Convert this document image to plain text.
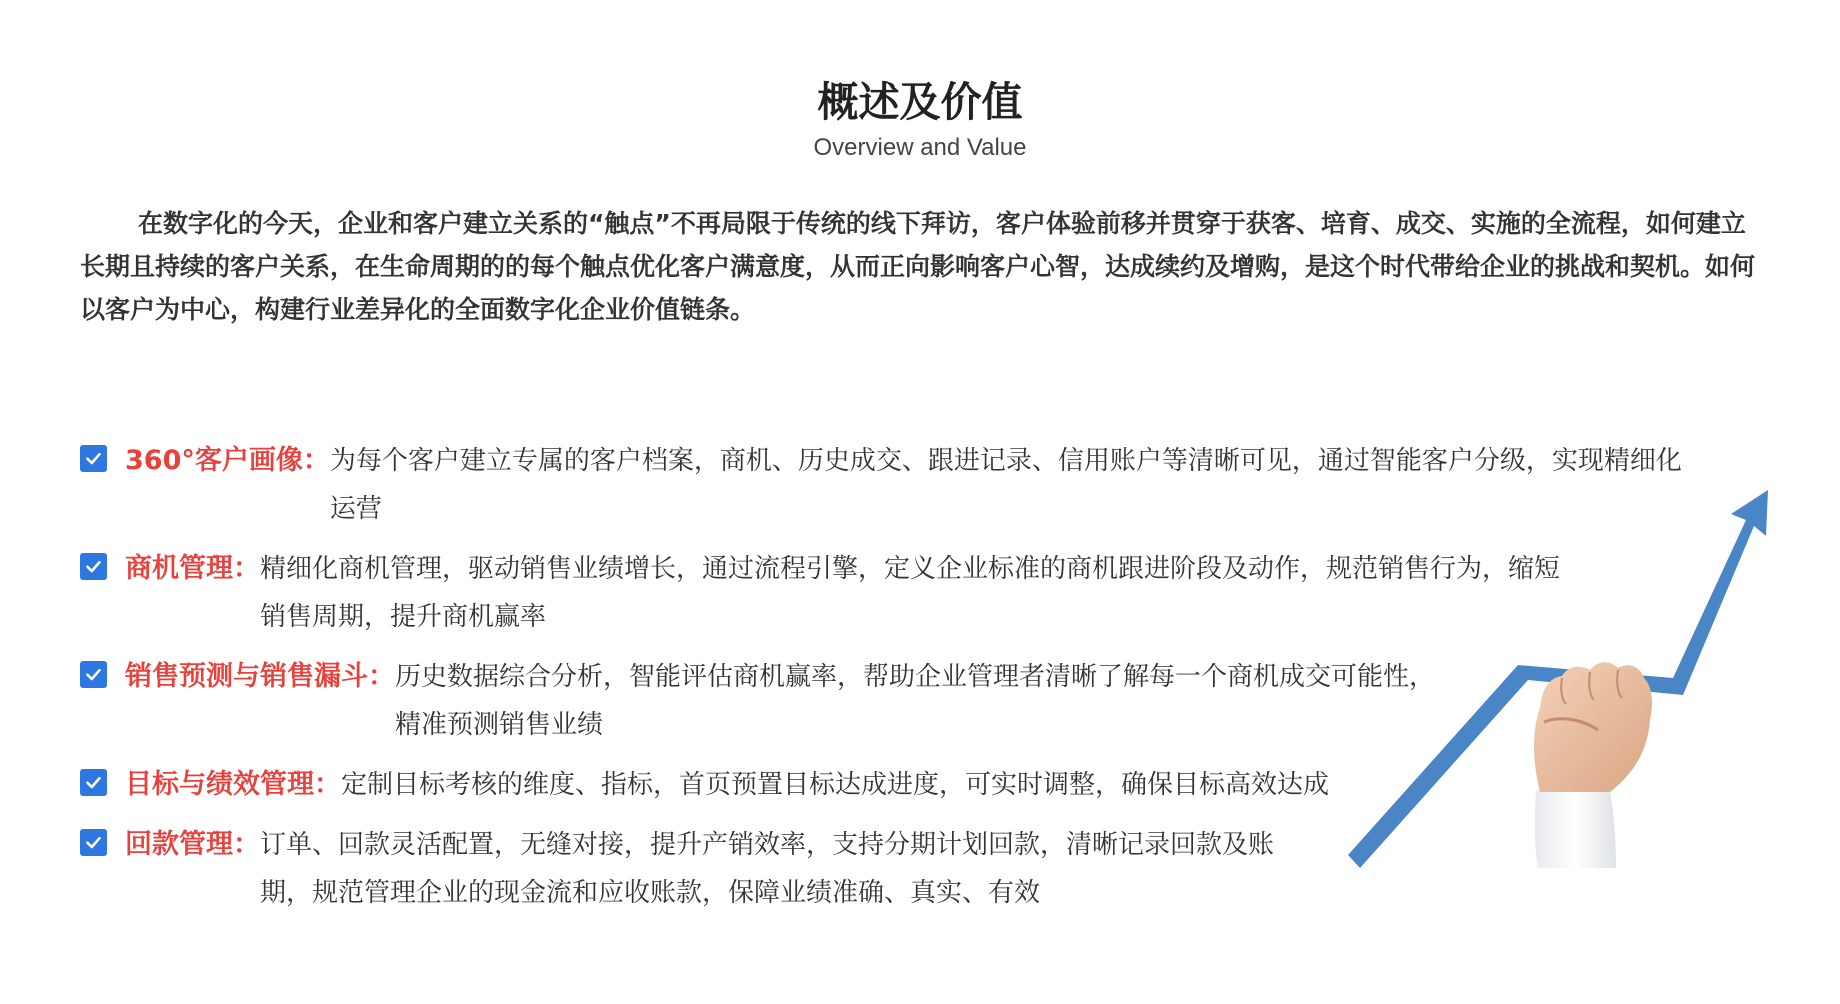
概述及价值
Overview and Value
在数字化的今天，企业和客户建立关系的“触点”不再局限于传统的线下拜访，客户体验前移并贯穿于获客、培育、成交、实施的全流程，如何建立长期且持续的客户关系，在生命周期的的每个触点优化客户满意度，从而正向影响客户心智，达成续约及增购，是这个时代带给企业的挑战和契机。如何以客户为中心，构建行业差异化的全面数字化企业价值链条。
360°客户画像： 为每个客户建立专属的客户档案，商机、历史成交、跟进记录、信用账户等清晰可见，通过智能客户分级，实现精细化运营
商机管理： 精细化商机管理，驱动销售业绩增长，通过流程引擎，定义企业标准的商机跟进阶段及动作，规范销售行为，缩短销售周期，提升商机赢率
销售预测与销售漏斗： 历史数据综合分析，智能评估商机赢率，帮助企业管理者清晰了解每一个商机成交可能性，精准预测销售业绩
目标与绩效管理： 定制目标考核的维度、指标，首页预置目标达成进度，可实时调整，确保目标高效达成
回款管理： 订单、回款灵活配置，无缝对接，提升产销效率，支持分期计划回款，清晰记录回款及账期，规范管理企业的现金流和应收账款，保障业绩准确、真实、有效
